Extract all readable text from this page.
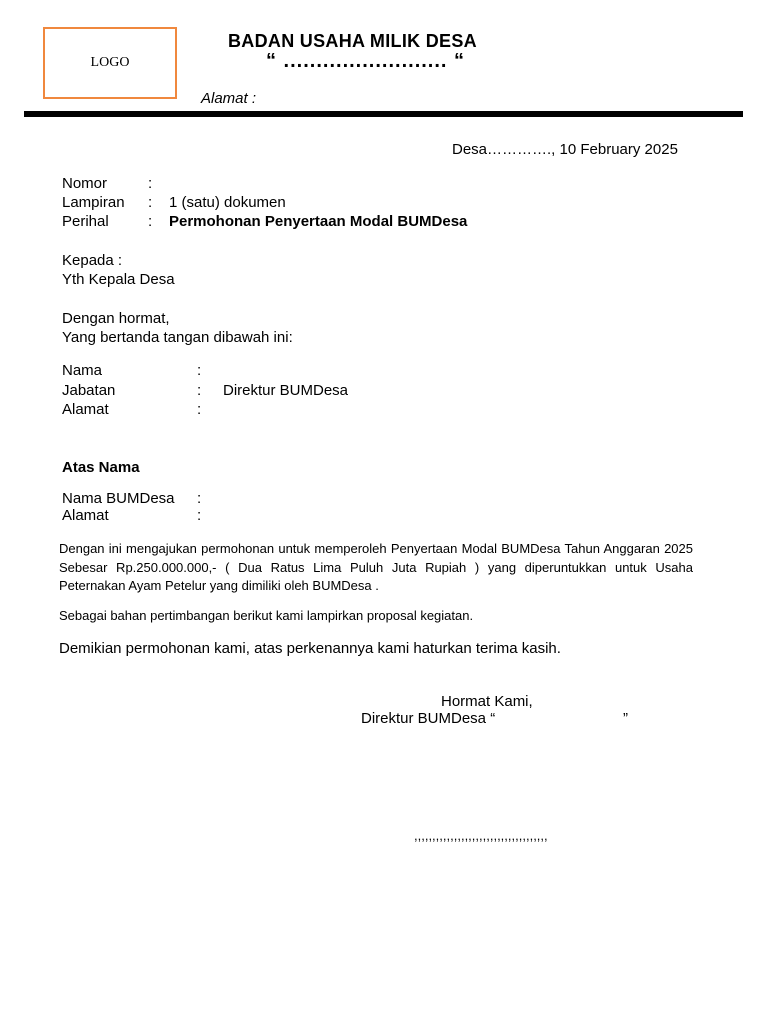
LOGO
BADAN USAHA MILIK DESA
“ ......................... “
Alamat :
Desa…………., 10 February 2025
Nomor	:
Lampiran : 1 (satu) dokumen
Perihal	: Permohonan Penyertaan Modal BUMDesa
Kepada :
Yth Kepala Desa
Dengan hormat,
Yang bertanda tangan dibawah ini:
Nama	:
Jabatan	: Direktur BUMDesa
Alamat	:
Atas Nama
Nama BUMDesa :
Alamat	:
Dengan ini mengajukan permohonan untuk memperoleh Penyertaan Modal BUMDesa Tahun Anggaran 2025 Sebesar Rp.250.000.000,- ( Dua Ratus Lima Puluh Juta Rupiah ) yang diperuntukkan untuk Usaha Peternakan Ayam Petelur yang dimiliki oleh BUMDesa .
Sebagai bahan pertimbangan berikut kami lampirkan proposal kegiatan.
Demikian permohonan kami, atas perkenannya kami haturkan terima kasih.
Hormat Kami,
Direktur BUMDesa “	”
,,,,,,,,,,,,,,,,,,,,,,,,,,,,,,,,,,,,,
